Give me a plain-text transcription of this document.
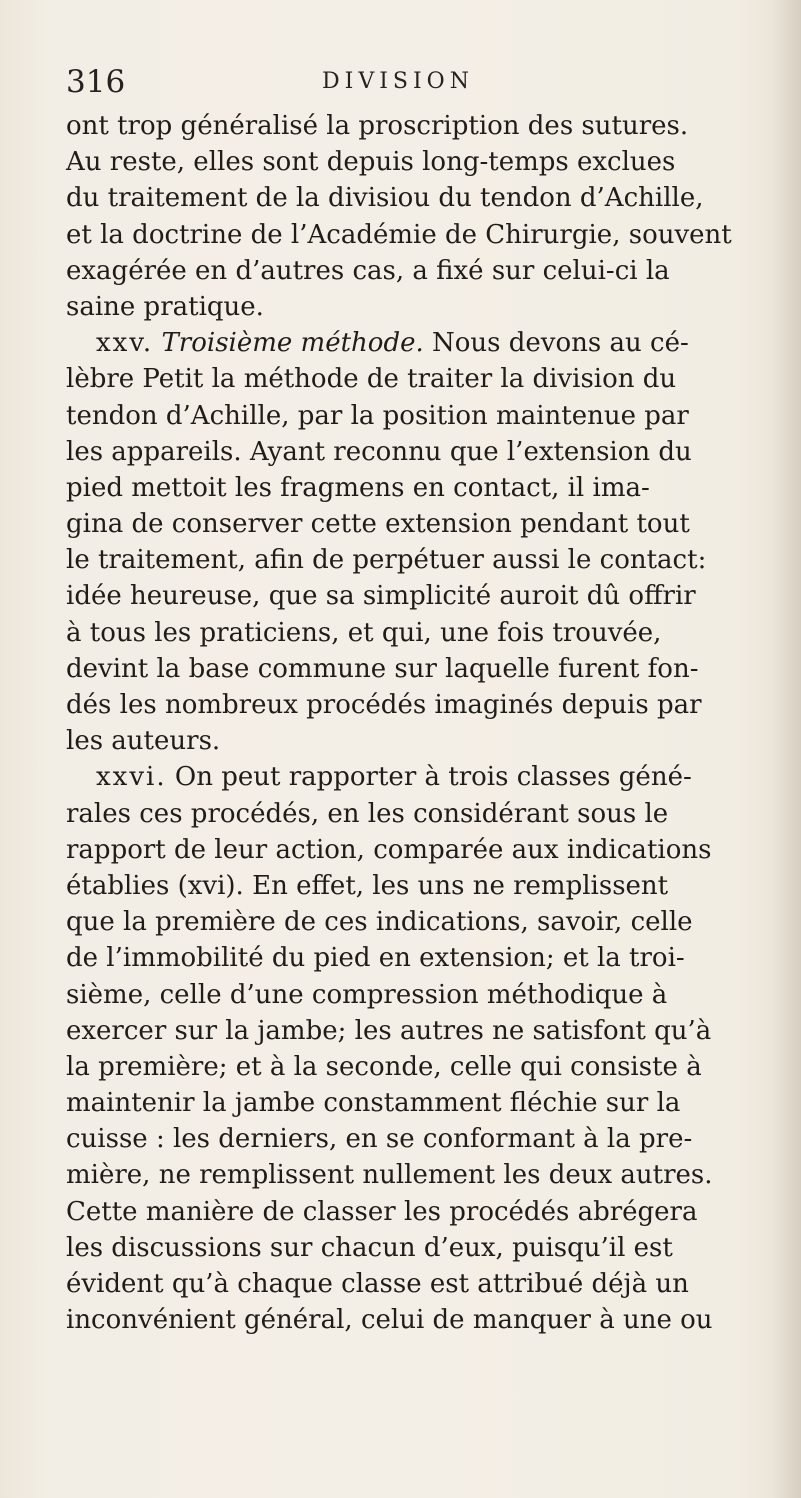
316	DIVISION
ont trop généralisé la proscription des sutures.
Au reste, elles sont depuis long-temps exclues
du traitement de la divisiou du tendon d’Achille,
et la doctrine de l’Académie de Chirurgie, souvent
exagérée en d’autres cas, a fixé sur celui-ci la
saine pratique.
xxv. Troisième méthode. Nous devons au cé-
lèbre Petit la méthode de traiter la division du
tendon d’Achille, par la position maintenue par
les appareils. Ayant reconnu que l’extension du
pied mettoit les fragmens en contact, il ima-
gina de conserver cette extension pendant tout
le traitement, afin de perpétuer aussi le contact:
idée heureuse, que sa simplicité auroit dû offrir
à tous les praticiens, et qui, une fois trouvée,
devint la base commune sur laquelle furent fon-
dés les nombreux procédés imaginés depuis par
les auteurs.
xxvi. On peut rapporter à trois classes géné-
rales ces procédés, en les considérant sous le
rapport de leur action, comparée aux indications
établies (xvi). En effet, les uns ne remplissent
que la première de ces indications, savoir, celle
de l’immobilité du pied en extension; et la troi-
sième, celle d’une compression méthodique à
exercer sur la jambe; les autres ne satisfont qu’à
la première; et à la seconde, celle qui consiste à
maintenir la jambe constamment fléchie sur la
cuisse : les derniers, en se conformant à la pre-
mière, ne remplissent nullement les deux autres.
Cette manière de classer les procédés abrégera
les discussions sur chacun d’eux, puisqu’il est
évident qu’à chaque classe est attribué déjà un
inconvénient général, celui de manquer à une ou
